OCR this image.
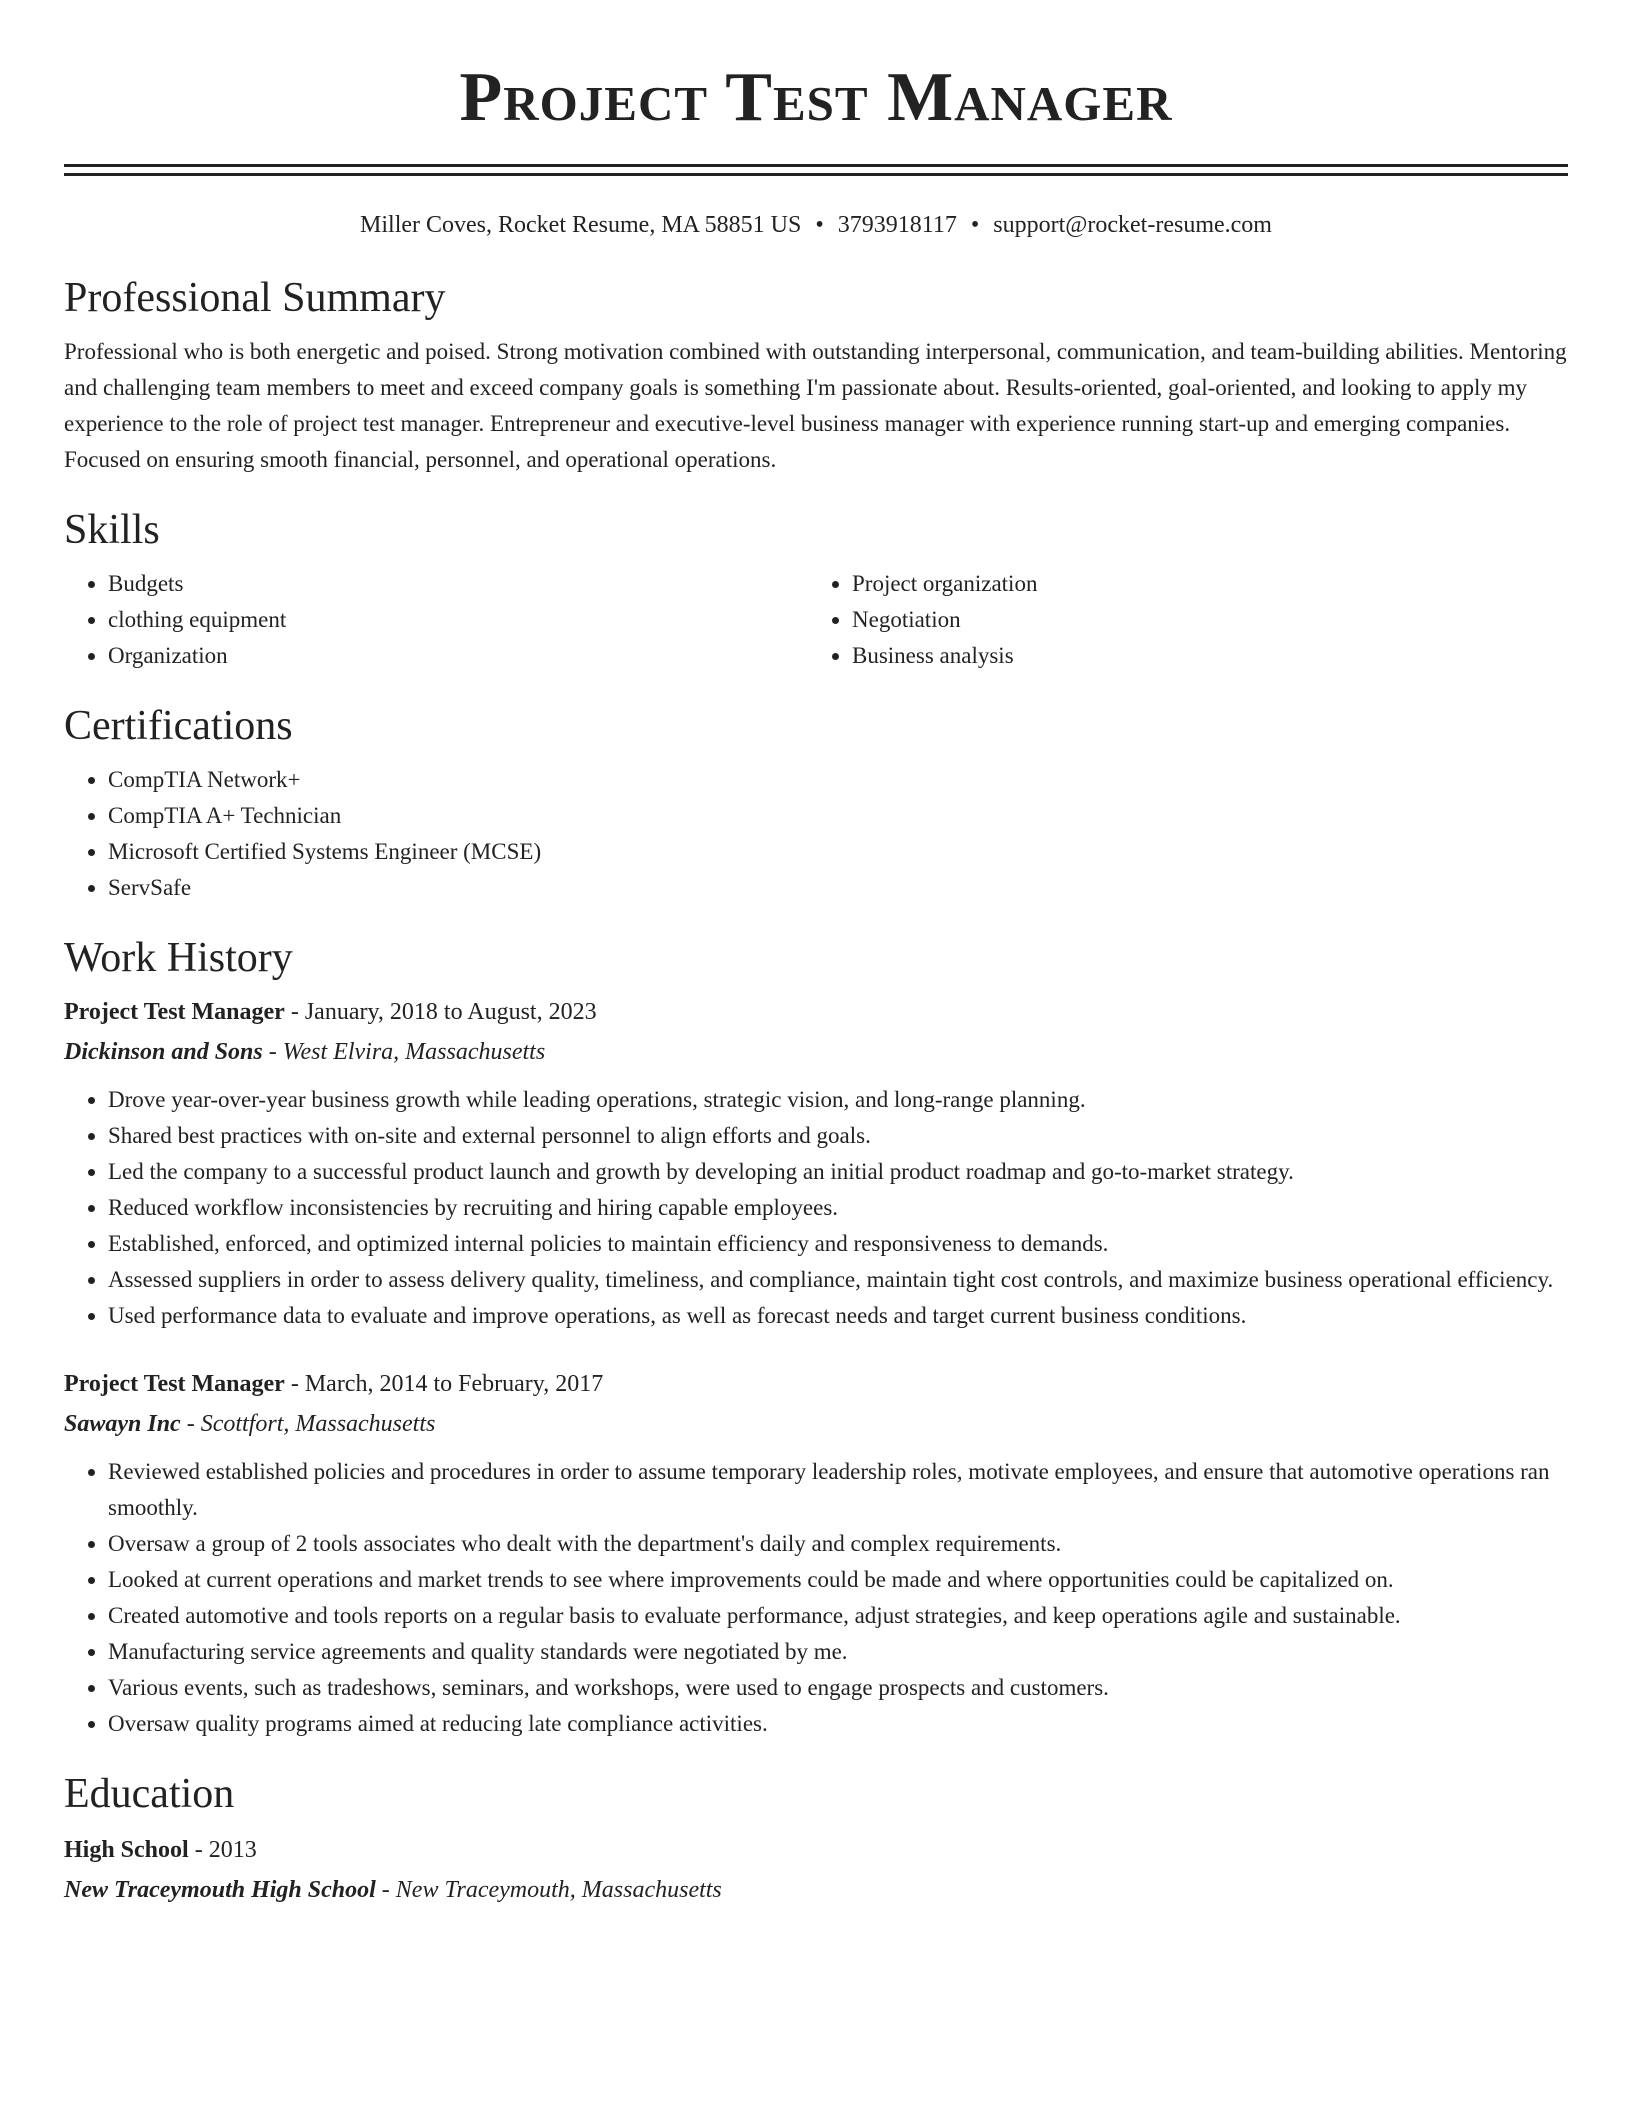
Project Test Manager
Miller Coves, Rocket Resume, MA 58851 US • 3793918117 • support@rocket-resume.com
Professional Summary

Professional who is both energetic and poised. Strong motivation combined with outstanding interpersonal, communication, and team-building abilities. Mentoring and challenging team members to meet and exceed company goals is something I'm passionate about. Results-oriented, goal-oriented, and looking to apply my experience to the role of project test manager. Entrepreneur and executive-level business manager with experience running start-up and emerging companies. Focused on ensuring smooth financial, personnel, and operational operations.

Skills
• Budgets
• clothing equipment
• Organization
• Project organization
• Negotiation
• Business analysis
Certifications
• CompTIA Network+
• CompTIA A+ Technician
• Microsoft Certified Systems Engineer (MCSE)
• ServSafe
Work History

Project Test Manager - January, 2018 to August, 2023

Dickinson and Sons - West Elvira, Massachusetts

• Drove year-over-year business growth while leading operations, strategic vision, and long-range planning.
• Shared best practices with on-site and external personnel to align efforts and goals.
• Led the company to a successful product launch and growth by developing an initial product roadmap and go-to-market strategy.
• Reduced workflow inconsistencies by recruiting and hiring capable employees.
• Established, enforced, and optimized internal policies to maintain efficiency and responsiveness to demands.
• Assessed suppliers in order to assess delivery quality, timeliness, and compliance, maintain tight cost controls, and maximize business operational efficiency.
• Used performance data to evaluate and improve operations, as well as forecast needs and target current business conditions.

Project Test Manager - March, 2014 to February, 2017

Sawayn Inc - Scottfort, Massachusetts

• Reviewed established policies and procedures in order to assume temporary leadership roles, motivate employees, and ensure that automotive operations ran smoothly.
• Oversaw a group of 2 tools associates who dealt with the department's daily and complex requirements.
• Looked at current operations and market trends to see where improvements could be made and where opportunities could be capitalized on.
• Created automotive and tools reports on a regular basis to evaluate performance, adjust strategies, and keep operations agile and sustainable.
• Manufacturing service agreements and quality standards were negotiated by me.
• Various events, such as tradeshows, seminars, and workshops, were used to engage prospects and customers.
• Oversaw quality programs aimed at reducing late compliance activities.
Education

High School - 2013

New Traceymouth High School - New Traceymouth, Massachusetts
